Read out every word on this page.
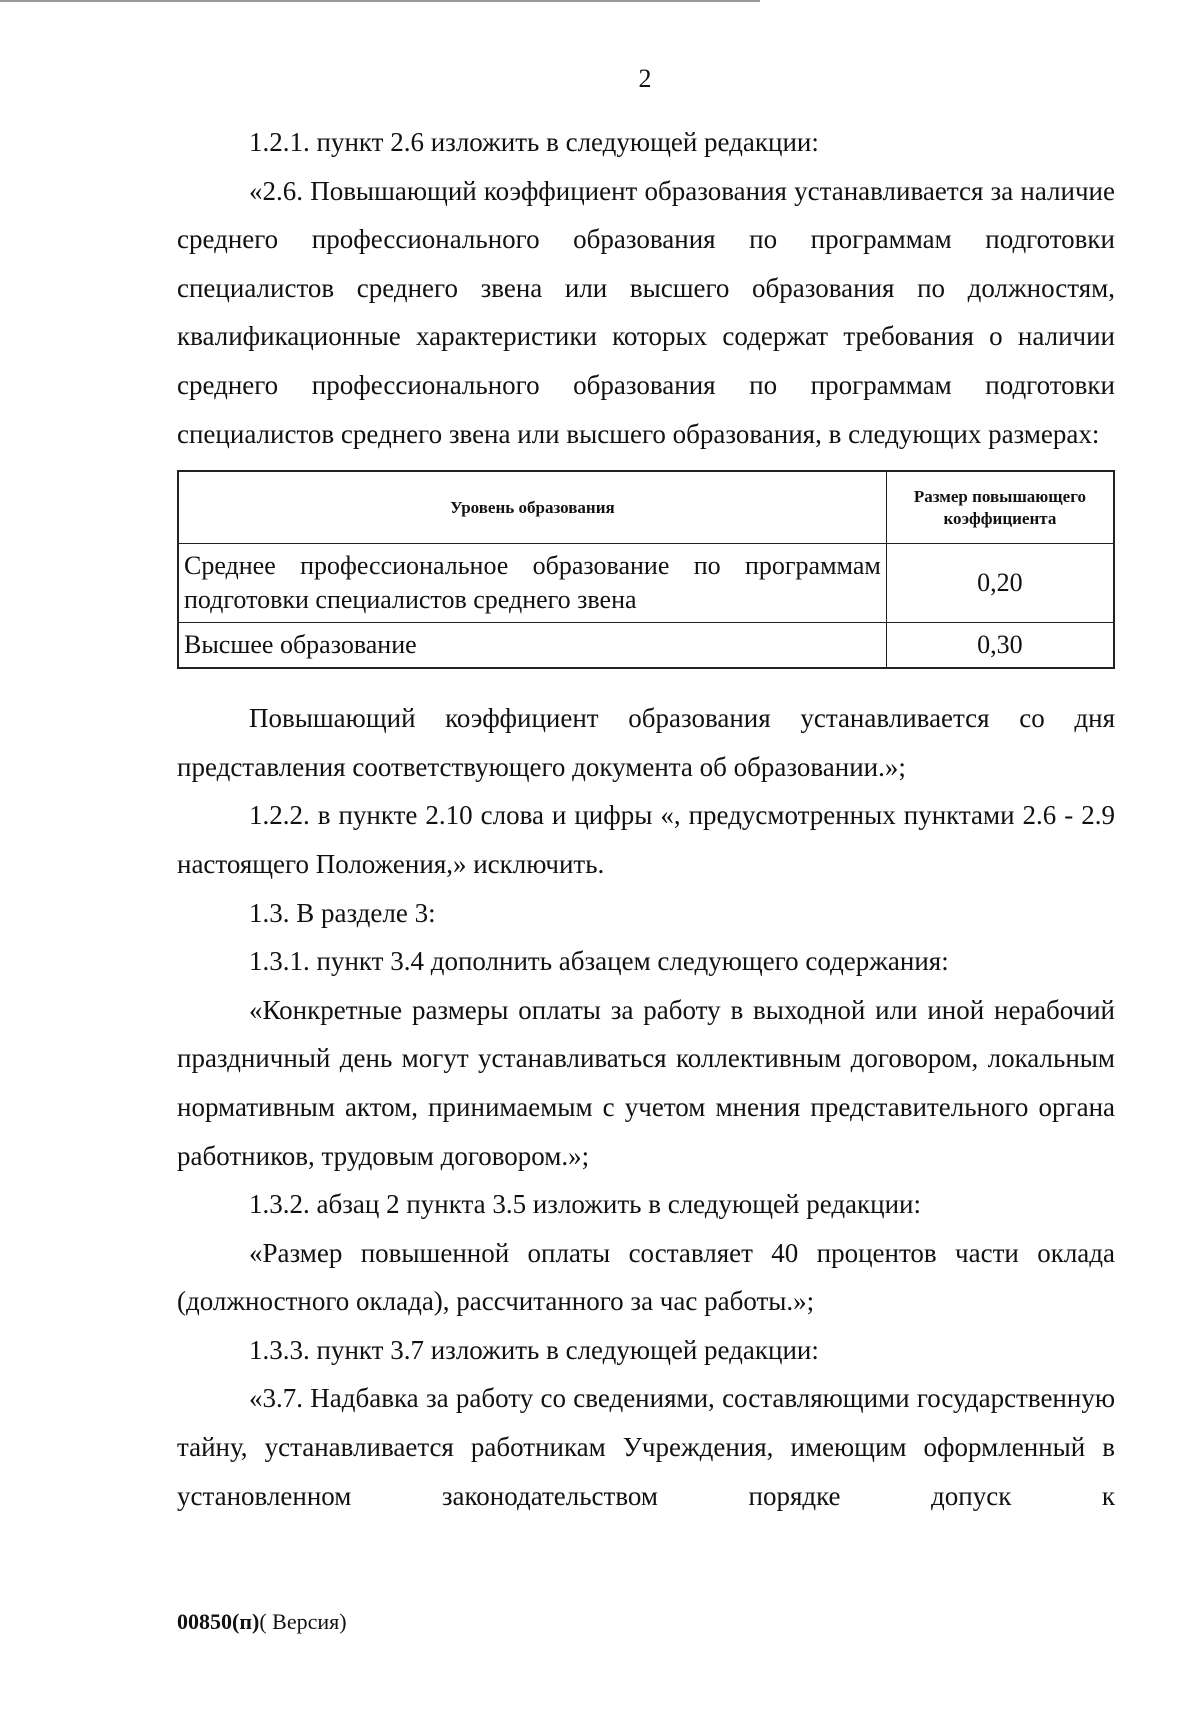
2

1.2.1. пункт 2.6 изложить в следующей редакции:

«2.6. Повышающий коэффициент образования устанавливается за наличие среднего профессионального образования по программам подготовки специалистов среднего звена или высшего образования по должностям, квалификационные характеристики которых содержат требования о наличии среднего профессионального образования по программам подготовки специалистов среднего звена или высшего образования, в следующих размерах:

Уровень образования	Размер повышающего коэффициента
Среднее профессиональное образование по программам подготовки специалистов среднего звена	0,20
Высшее образование	0,30

Повышающий коэффициент образования устанавливается со дня представления соответствующего документа об образовании.»;

1.2.2. в пункте 2.10 слова и цифры «, предусмотренных пунктами 2.6 - 2.9 настоящего Положения,» исключить.

1.3. В разделе 3:

1.3.1. пункт 3.4 дополнить абзацем следующего содержания:

«Конкретные размеры оплаты за работу в выходной или иной нерабочий праздничный день могут устанавливаться коллективным договором, локальным нормативным актом, принимаемым с учетом мнения представительного органа работников, трудовым договором.»;

1.3.2. абзац 2 пункта 3.5 изложить в следующей редакции:

«Размер повышенной оплаты составляет 40 процентов части оклада (должностного оклада), рассчитанного за час работы.»;

1.3.3. пункт 3.7 изложить в следующей редакции:

«3.7. Надбавка за работу со сведениями, составляющими государственную тайну, устанавливается работникам Учреждения, имеющим оформленный в установленном законодательством порядке допуск к

00850(п)( Версия)
